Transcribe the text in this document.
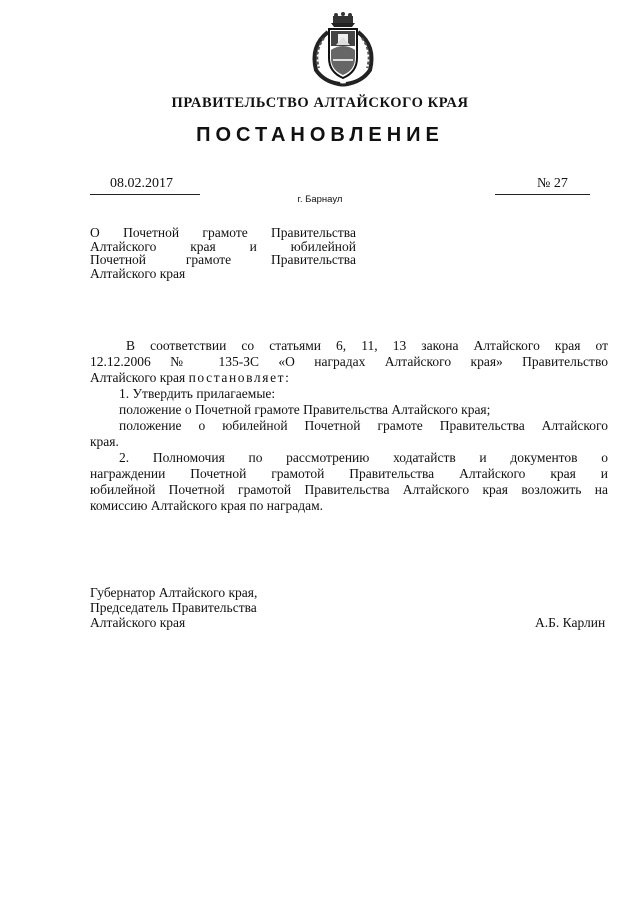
ПРАВИТЕЛЬСТВО АЛТАЙСКОГО КРАЯ
ПОСТАНОВЛЕНИЕ
08.02.2017	№ 27
г. Барнаул
О Почетной грамоте Правительства
Алтайского края и юбилейной
Почетной грамоте Правительства
Алтайского края
В соответствии со статьями 6, 11, 13 закона Алтайского края от
12.12.2006 № 135-ЗС «О наградах Алтайского края» Правительство
Алтайского края постановляет:
1. Утвердить прилагаемые:
положение о Почетной грамоте Правительства Алтайского края;
положение о юбилейной Почетной грамоте Правительства Алтайского
края.
2. Полномочия по рассмотрению ходатайств и документов о
награждении Почетной грамотой Правительства Алтайского края и
юбилейной Почетной грамотой Правительства Алтайского края возложить на
комиссию Алтайского края по наградам.
Губернатор Алтайского края,
Председатель Правительства
Алтайского края	А.Б. Карлин
